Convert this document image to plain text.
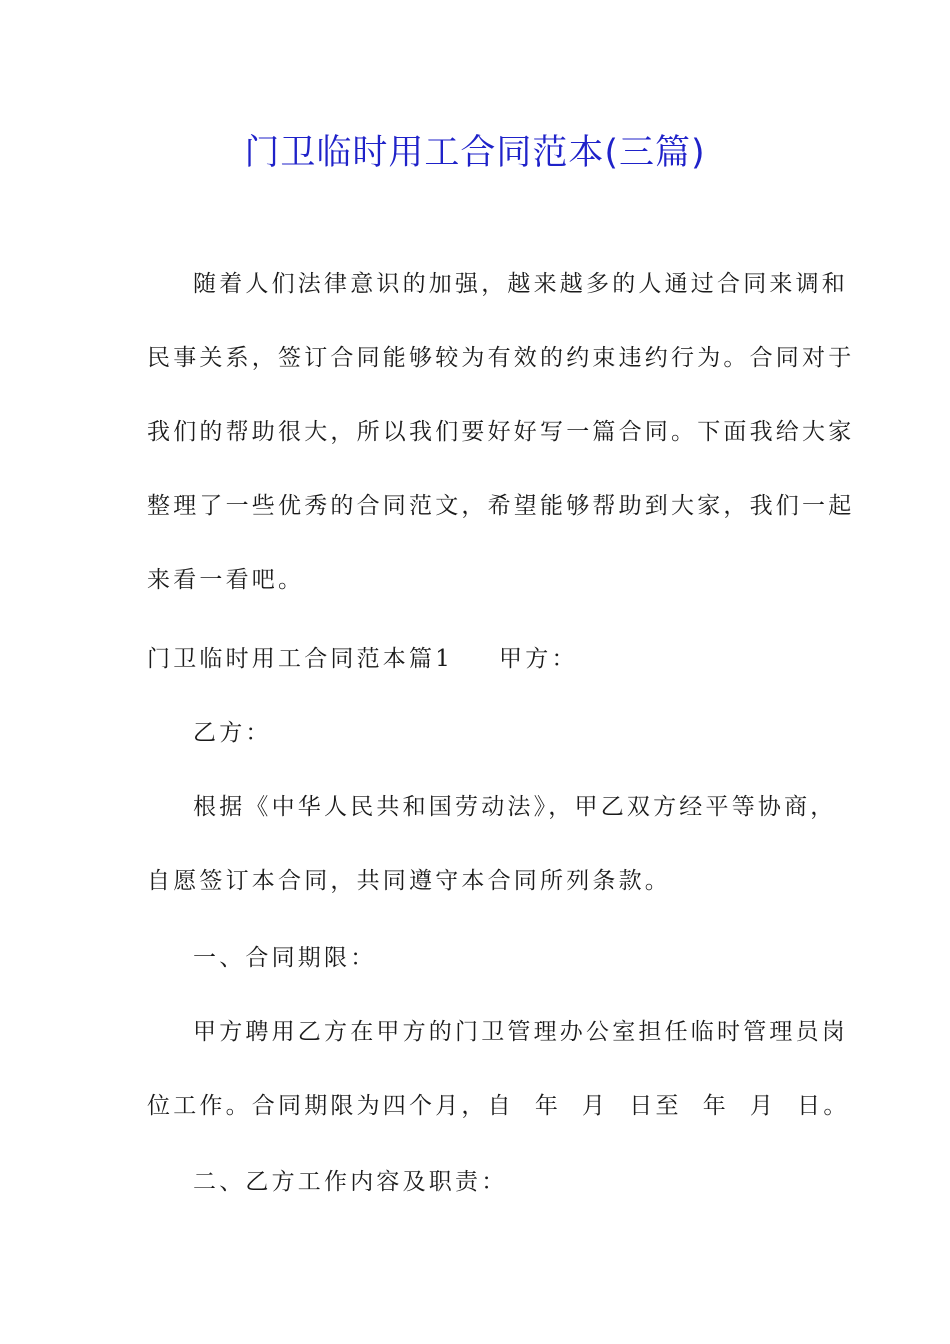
门卫临时用工合同范本(三篇)
随着人们法律意识的加强，越来越多的人通过合同来调和
民事关系，签订合同能够较为有效的约束违约行为。合同对于
我们的帮助很大，所以我们要好好写一篇合同。下面我给大家
整理了一些优秀的合同范文，希望能够帮助到大家，我们一起
来看一看吧。
门卫临时用工合同范本篇1 甲方：
乙方：
根据《中华人民共和国劳动法》，甲乙双方经平等协商，
自愿签订本合同，共同遵守本合同所列条款。
一、合同期限：
甲方聘用乙方在甲方的门卫管理办公室担任临时管理员岗
位工作。合同期限为四个月，自  年  月  日至  年  月  日。
二、乙方工作内容及职责：
